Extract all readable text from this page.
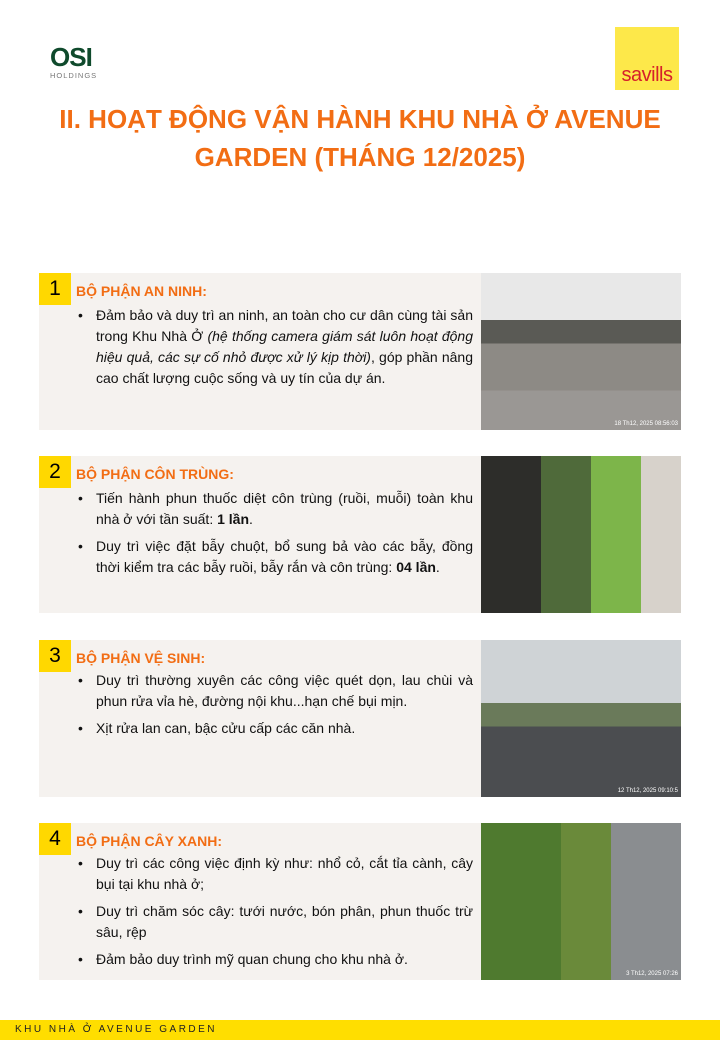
OSI
HOLDINGS	savills
II. HOẠT ĐỘNG VẬN HÀNH KHU NHÀ Ở AVENUE
GARDEN (THÁNG 12/2025)
1	BỘ PHẬN AN NINH:
• Đảm bảo và duy trì an ninh, an toàn cho cư dân cùng tài sản trong Khu Nhà Ở (hệ thống camera giám sát luôn hoạt động hiệu quả, các sự cố nhỏ được xử lý kịp thời), góp phần nâng cao chất lượng cuộc sống và uy tín của dự án.
18 Th12, 2025 08:56:03
2	BỘ PHẬN CÔN TRÙNG:
• Tiến hành phun thuốc diệt côn trùng (ruồi, muỗi) toàn khu nhà ở với tần suất: 1 lần.
• Duy trì việc đặt bẫy chuột, bổ sung bả vào các bẫy, đồng thời kiểm tra các bẫy ruồi, bẫy rắn và côn trùng: 04 lần.
3	BỘ PHẬN VỆ SINH:
• Duy trì thường xuyên các công việc quét dọn, lau chùi và phun rửa vỉa hè, đường nội khu...hạn chế bụi mịn.
• Xịt rửa lan can, bậc cửu cấp các căn nhà.
12 Th12, 2025 09:10:5
4	BỘ PHẬN CÂY XANH:
• Duy trì các công việc định kỳ như: nhổ cỏ, cắt tỉa cành, cây bụi tại khu nhà ở;
• Duy trì chăm sóc cây: tưới nước, bón phân, phun thuốc trừ sâu, rệp
• Đảm bảo duy trình mỹ quan chung cho khu nhà ở.
3 Th12, 2025 07:26
KHU NHÀ Ở AVENUE GARDEN
